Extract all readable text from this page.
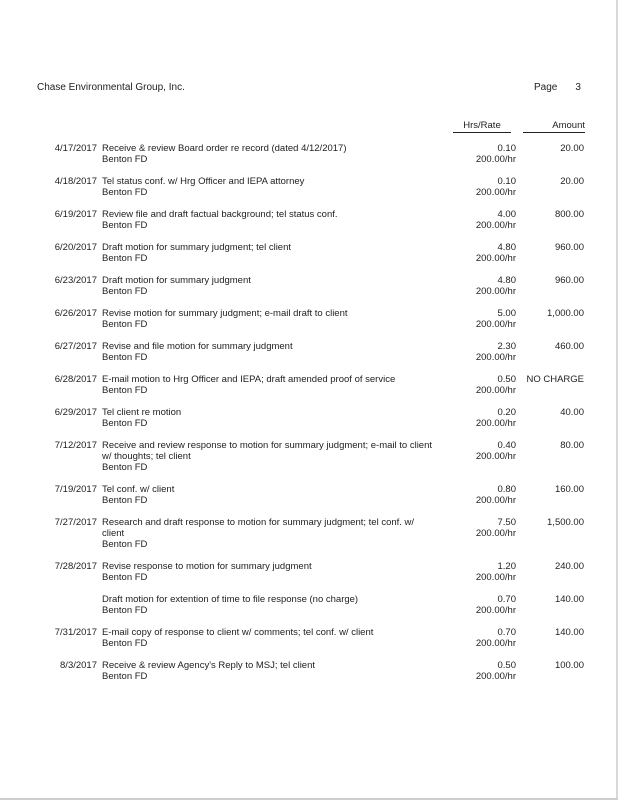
Chase Environmental Group, Inc.	Page 3
Hrs/Rate	Amount
4/17/2017 Receive & review Board order re record (dated 4/12/2017)
Benton FD
0.10
200.00/hr
20.00
4/18/2017 Tel status conf. w/ Hrg Officer and IEPA attorney
Benton FD
0.10
200.00/hr
20.00
6/19/2017 Review file and draft factual background; tel status conf.
Benton FD
4.00
200.00/hr
800.00
6/20/2017 Draft motion for summary judgment; tel client
Benton FD
4.80
200.00/hr
960.00
6/23/2017 Draft motion for summary judgment
Benton FD
4.80
200.00/hr
960.00
6/26/2017 Revise motion for summary judgment; e-mail draft to client
Benton FD
5.00
200.00/hr
1,000.00
6/27/2017 Revise and file motion for summary judgment
Benton FD
2.30
200.00/hr
460.00
6/28/2017 E-mail motion to Hrg Officer and IEPA; draft amended proof of service
Benton FD
0.50
200.00/hr
NO CHARGE
6/29/2017 Tel client re motion
Benton FD
0.20
200.00/hr
40.00
7/12/2017 Receive and review response to motion for summary judgment; e-mail to client w/ thoughts; tel client
Benton FD
0.40
200.00/hr
80.00
7/19/2017 Tel conf. w/ client
Benton FD
0.80
200.00/hr
160.00
7/27/2017 Research and draft response to motion for summary judgment; tel conf. w/ client
Benton FD
7.50
200.00/hr
1,500.00
7/28/2017 Revise response to motion for summary judgment
Benton FD
1.20
200.00/hr
240.00
Draft motion for extention of time to file response (no charge)
Benton FD
0.70
200.00/hr
140.00
7/31/2017 E-mail copy of response to client w/ comments; tel conf. w/ client
Benton FD
0.70
200.00/hr
140.00
8/3/2017 Receive & review Agency's Reply to MSJ; tel client
Benton FD
0.50
200.00/hr
100.00
